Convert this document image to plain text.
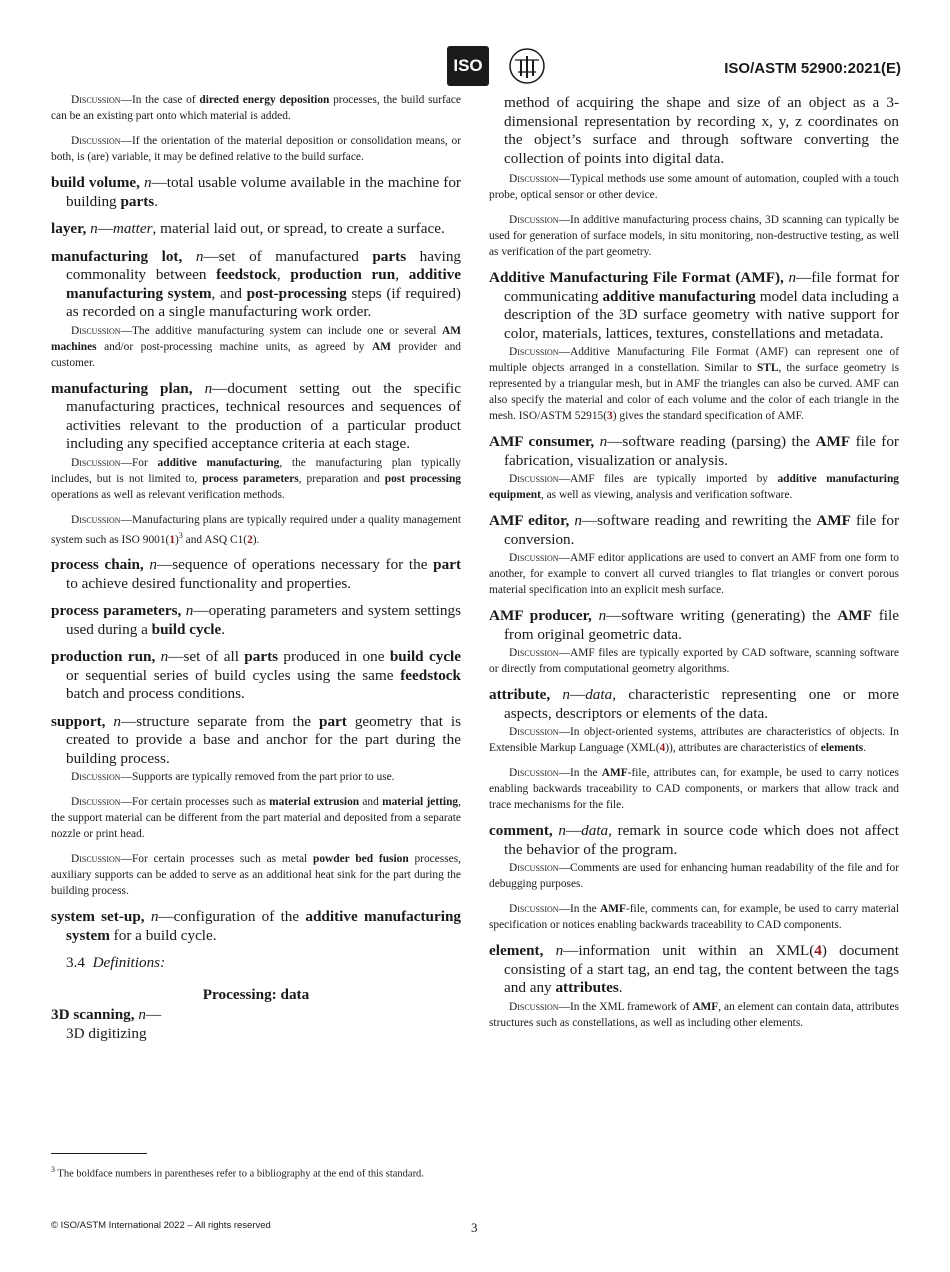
ISO	ISO/ASTM 52900:2021(E)

Discussion—In the case of directed energy deposition processes, the build surface can be an existing part onto which material is added.

Discussion—If the orientation of the material deposition or consolidation means, or both, is (are) variable, it may be defined relative to the build surface.

build volume, n—total usable volume available in the machine for building parts.

layer, n—matter, material laid out, or spread, to create a surface.

manufacturing lot, n—set of manufactured parts having commonality between feedstock, production run, additive manufacturing system, and post-processing steps (if required) as recorded on a single manufacturing work order.

Discussion—The additive manufacturing system can include one or several AM machines and/or post-processing machine units, as agreed by AM provider and customer.

manufacturing plan, n—document setting out the specific manufacturing practices, technical resources and sequences of activities relevant to the production of a particular product including any specified acceptance criteria at each stage.

Discussion—For additive manufacturing, the manufacturing plan typically includes, but is not limited to, process parameters, preparation and post processing operations as well as relevant verification methods.

Discussion—Manufacturing plans are typically required under a quality management system such as ISO $9001(1)^3$ and ASQ C1(2).

process chain, n—sequence of operations necessary for the part to achieve desired functionality and properties.

process parameters, n—operating parameters and system settings used during a build cycle.

production run, n—set of all parts produced in one build cycle or sequential series of build cycles using the same feedstock batch and process conditions.

support, n—structure separate from the part geometry that is created to provide a base and anchor for the part during the building process.

Discussion—Supports are typically removed from the part prior to use.

Discussion—For certain processes such as material extrusion and material jetting, the support material can be different from the part material and deposited from a separate nozzle or print head.

Discussion—For certain processes such as metal powder bed fusion processes, auxiliary supports can be added to serve as an additional heat sink for the part during the building process.

system set-up, n—configuration of the additive manufacturing system for a build cycle.

3.4 Definitions:

Processing: data

3D scanning, n—
3D digitizing

method of acquiring the shape and size of an object as a 3-dimensional representation by recording x, y, z coordinates on the object’s surface and through software converting the collection of points into digital data.

Discussion—Typical methods use some amount of automation, coupled with a touch probe, optical sensor or other device.

Discussion—In additive manufacturing process chains, 3D scanning can typically be used for generation of surface models, in situ monitoring, non-destructive testing, as well as verification of the part geometry.

Additive Manufacturing File Format (AMF), n—file format for communicating additive manufacturing model data including a description of the 3D surface geometry with native support for color, materials, lattices, textures, constellations and metadata.

Discussion—Additive Manufacturing File Format (AMF) can represent one of multiple objects arranged in a constellation. Similar to STL, the surface geometry is represented by a triangular mesh, but in AMF the triangles can also be curved. AMF can also specify the material and color of each volume and the color of each triangle in the mesh. ISO/ASTM 52915(3) gives the standard specification of AMF.

AMF consumer, n—software reading (parsing) the AMF file for fabrication, visualization or analysis.

Discussion—AMF files are typically imported by additive manufacturing equipment, as well as viewing, analysis and verification software.

AMF editor, n—software reading and rewriting the AMF file for conversion.

Discussion—AMF editor applications are used to convert an AMF from one form to another, for example to convert all curved triangles to flat triangles or convert porous material specification into an explicit mesh surface.

AMF producer, n—software writing (generating) the AMF file from original geometric data.

Discussion—AMF files are typically exported by CAD software, scanning software or directly from computational geometry algorithms.

attribute, n—data, characteristic representing one or more aspects, descriptors or elements of the data.

Discussion—In object-oriented systems, attributes are characteristics of objects. In Extensible Markup Language (XML(4)), attributes are characteristics of elements.

Discussion—In the AMF-file, attributes can, for example, be used to carry notices enabling backwards traceability to CAD components, or markers that allow track and trace mechanisms for the file.

comment, n—data, remark in source code which does not affect the behavior of the program.

Discussion—Comments are used for enhancing human readability of the file and for debugging purposes.

Discussion—In the AMF-file, comments can, for example, be used to carry material specification or notices enabling backwards traceability to CAD components.

element, n—information unit within an XML(4) document consisting of a start tag, an end tag, the content between the tags and any attributes.

Discussion—In the XML framework of AMF, an element can contain data, attributes structures such as constellations, as well as including other elements.

$^3$ The boldface numbers in parentheses refer to a bibliography at the end of this standard.
© ISO/ASTM International 2022 – All rights reserved	3
